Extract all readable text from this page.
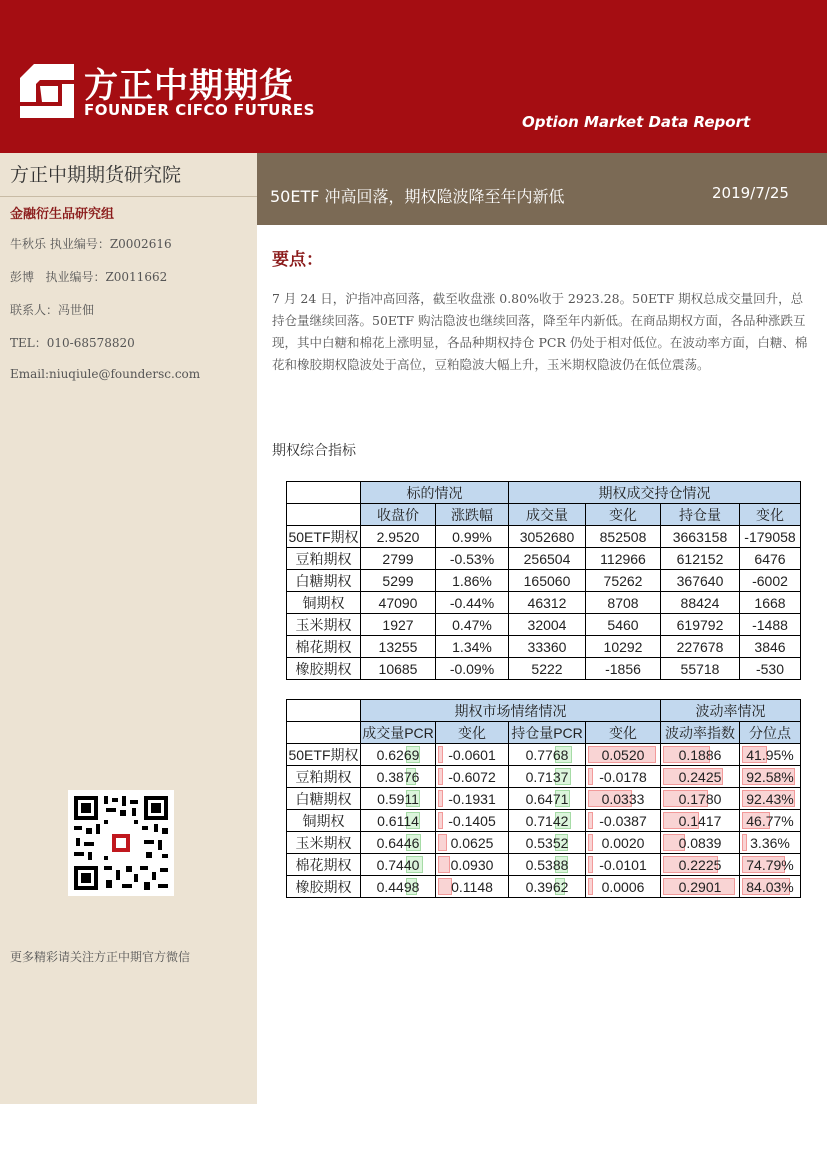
方正中期期货
FOUNDER CIFCO FUTURES
Option Market Data Report
方正中期期货研究院
金融衍生品研究组
牛秋乐 执业编号：Z0002616
彭博   执业编号：Z0011662
联系人：冯世佃
TEL：010-68578820
Email:niuqiule@foundersc.com
更多精彩请关注方正中期官方微信
50ETF 冲高回落，期权隐波降至年内新低	2019/7/25
要点：
7 月 24 日，沪指冲高回落，截至收盘涨 0.80%收于 2923.28。50ETF 期权总成交量回升，总持仓量继续回落。50ETF 购沽隐波也继续回落，降至年内新低。在商品期权方面，各品种涨跌互现，其中白糖和棉花上涨明显，各品种期权持仓 PCR 仍处于相对低位。在波动率方面，白糖、棉花和橡胶期权隐波处于高位，豆粕隐波大幅上升，玉米期权隐波仍在低位震荡。
期权综合指标
	标的情况		期权成交持仓情况			
	收盘价	涨跌幅	成交量	变化	持仓量	变化
50ETF期权	2.9520	0.99%	3052680	852508	3663158	-179058
豆粕期权	2799	-0.53%	256504	112966	612152	6476
白糖期权	5299	1.86%	165060	75262	367640	-6002
铜期权	47090	-0.44%	46312	8708	88424	1668
玉米期权	1927	0.47%	32004	5460	619792	-1488
棉花期权	13255	1.34%	33360	10292	227678	3846
橡胶期权	10685	-0.09%	5222	-1856	55718	-530
	期权市场情绪情况				波动率情况	
	成交量PCR	变化	持仓量PCR	变化	波动率指数	分位点
50ETF期权	0.6269	-0.0601	0.7768	0.0520	0.1886	41.95%
豆粕期权	0.3876	-0.6072	0.7137	-0.0178	0.2425	92.58%
白糖期权	0.5911	-0.1931	0.6471	0.0333	0.1780	92.43%
铜期权	0.6114	-0.1405	0.7142	-0.0387	0.1417	46.77%
玉米期权	0.6446	0.0625	0.5352	0.0020	0.0839	3.36%
棉花期权	0.7440	0.0930	0.5388	-0.0101	0.2225	74.79%
橡胶期权	0.4498	0.1148	0.3962	0.0006	0.2901	84.03%
